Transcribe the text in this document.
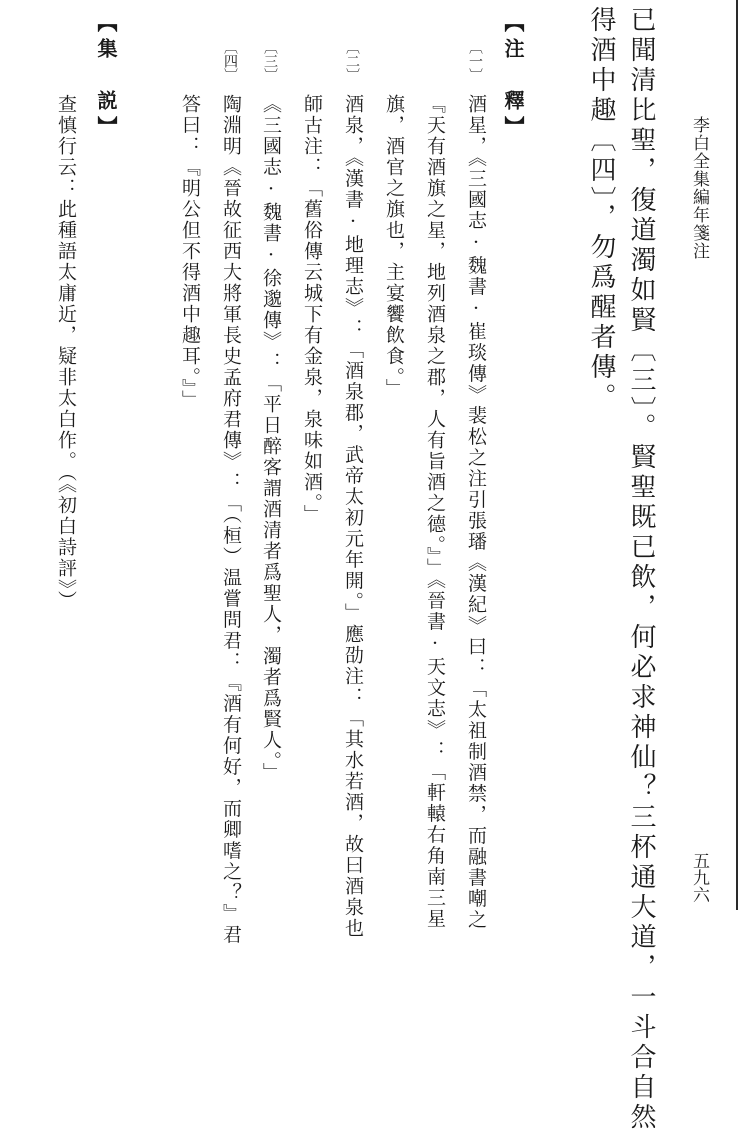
李白全集編年箋注
五九六
已聞清比聖，復道濁如賢〔三〕。賢聖既已飲，何必求神仙？三杯通大道，一斗合自然
得酒中趣〔四〕，勿爲醒者傳。
【注　釋】
〔一〕
酒星，《三國志·魏書·崔琰傳》裴松之注引張璠《漢紀》曰：「太祖制酒禁，而融書嘲之
『天有酒旗之星，地列酒泉之郡，人有旨酒之德。』」《晉書·天文志》：「軒轅右角南三星
旗，酒官之旗也，主宴饗飲食。」
〔二〕
酒泉，《漢書·地理志》：「酒泉郡，武帝太初元年開。」應劭注：「其水若酒，故曰酒泉也
師古注：「舊俗傳云城下有金泉，泉味如酒。」
〔三〕
《三國志·魏書·徐邈傳》：「平日醉客謂酒清者爲聖人，濁者爲賢人。」
〔四〕
陶淵明《晉故征西大將軍長史孟府君傳》：「（桓）温嘗問君：『酒有何好，而卿嗜之？』君
答曰：『明公但不得酒中趣耳。』」
【集　説】
查慎行云：此種語太庸近，疑非太白作。（《初白詩評》）
